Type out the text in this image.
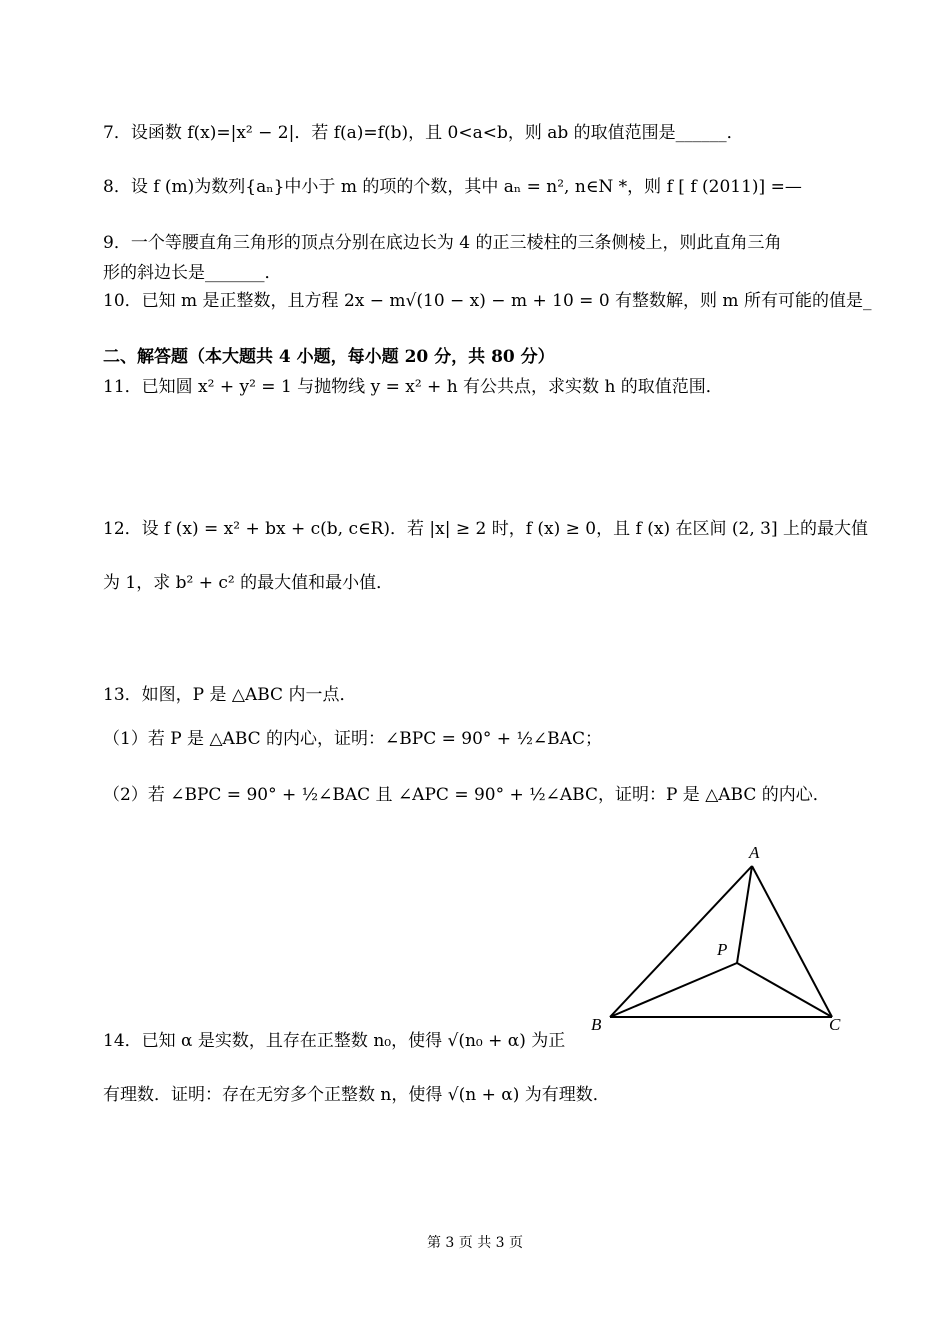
7．设函数 f(x)=|x² − 2|．若 f(a)=f(b)，且 0<a<b，则 ab 的取值范围是______．
8．设 f (m)为数列{aₙ}中小于 m 的项的个数，其中 aₙ = n², n∈N *，则 f [ f (2011)] =—
9．一个等腰直角三角形的顶点分别在底边长为 4 的正三棱柱的三条侧棱上，则此直角三角
形的斜边长是_______．
10．已知 m 是正整数，且方程 2x − m√(10 − x) − m + 10 = 0 有整数解，则 m 所有可能的值是_
二、解答题（本大题共 4 小题，每小题 20 分，共 80 分）
11．已知圆 x² + y² = 1 与抛物线 y = x² + h 有公共点，求实数 h 的取值范围．
12．设 f (x) = x² + bx + c(b, c∈R)．若 |x| ≥ 2 时，f (x) ≥ 0，且 f (x) 在区间 (2, 3] 上的最大值
为 1，求 b² + c² 的最大值和最小值．
13．如图，P 是 △ABC 内一点．
（1）若 P 是 △ABC 的内心，证明：∠BPC = 90° + ½∠BAC；
（2）若 ∠BPC = 90° + ½∠BAC 且 ∠APC = 90° + ½∠ABC，证明：P 是 △ABC 的内心．
A
B	C
P
14．已知 α 是实数，且存在正整数 n₀，使得 √(n₀ + α) 为正
有理数．证明：存在无穷多个正整数 n，使得 √(n + α) 为有理数．
第 3 页 共 3 页
